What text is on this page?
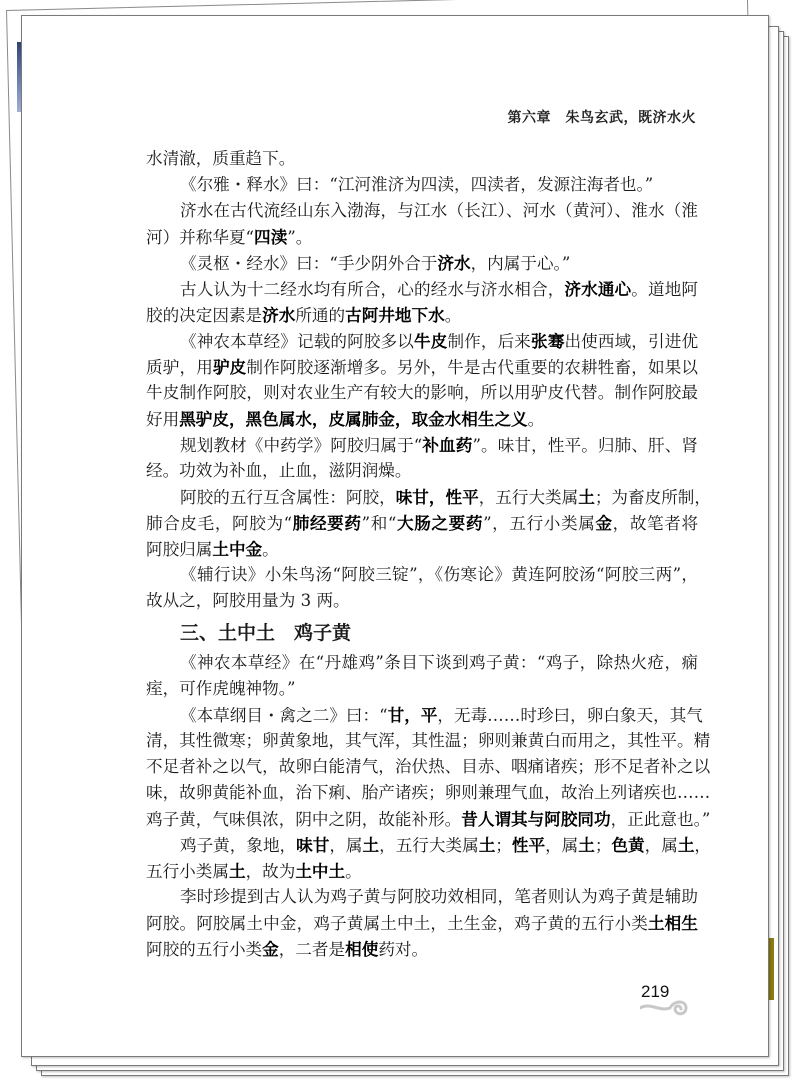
第六章　朱鸟玄武，既济水火
水清澈，质重趋下。
《尔雅・释水》曰：“江河淮济为四渎，四渎者，发源注海者也。”
济水在古代流经山东入渤海，与江水（长江）、河水（黄河）、淮水（淮
河）并称华夏“四渎”。
《灵枢・经水》曰：“手少阴外合于济水，内属于心。”
古人认为十二经水均有所合，心的经水与济水相合，济水通心。道地阿
胶的决定因素是济水所通的古阿井地下水。
《神农本草经》记载的阿胶多以牛皮制作，后来张骞出使西域，引进优
质驴，用驴皮制作阿胶逐渐增多。另外，牛是古代重要的农耕牲畜，如果以
牛皮制作阿胶，则对农业生产有较大的影响，所以用驴皮代替。制作阿胶最
好用黑驴皮，黑色属水，皮属肺金，取金水相生之义。
规划教材《中药学》阿胶归属于“补血药”。味甘，性平。归肺、肝、肾
经。功效为补血，止血，滋阴润燥。
阿胶的五行互含属性：阿胶，味甘，性平，五行大类属土；为畜皮所制，
肺合皮毛，阿胶为“肺经要药”和“大肠之要药”，五行小类属金，故笔者将
阿胶归属土中金。
《辅行诀》小朱鸟汤“阿胶三锭”，《伤寒论》黄连阿胶汤“阿胶三两”，
故从之，阿胶用量为 3 两。
三、土中土　鸡子黄
《神农本草经》在“丹雄鸡”条目下谈到鸡子黄：“鸡子，除热火疮，痫
痓，可作虎魄神物。”
《本草纲目・禽之二》曰：“甘，平，无毒……时珍曰，卵白象天，其气
清，其性微寒；卵黄象地，其气浑，其性温；卵则兼黄白而用之，其性平。精
不足者补之以气，故卵白能清气，治伏热、目赤、咽痛诸疾；形不足者补之以
味，故卵黄能补血，治下痢、胎产诸疾；卵则兼理气血，故治上列诸疾也……
鸡子黄，气味俱浓，阴中之阴，故能补形。昔人谓其与阿胶同功，正此意也。”
鸡子黄，象地，味甘，属土，五行大类属土；性平，属土；色黄，属土，
五行小类属土，故为土中土。
李时珍提到古人认为鸡子黄与阿胶功效相同，笔者则认为鸡子黄是辅助
阿胶。阿胶属土中金，鸡子黄属土中土，土生金，鸡子黄的五行小类土相生
阿胶的五行小类金，二者是相使药对。
219
